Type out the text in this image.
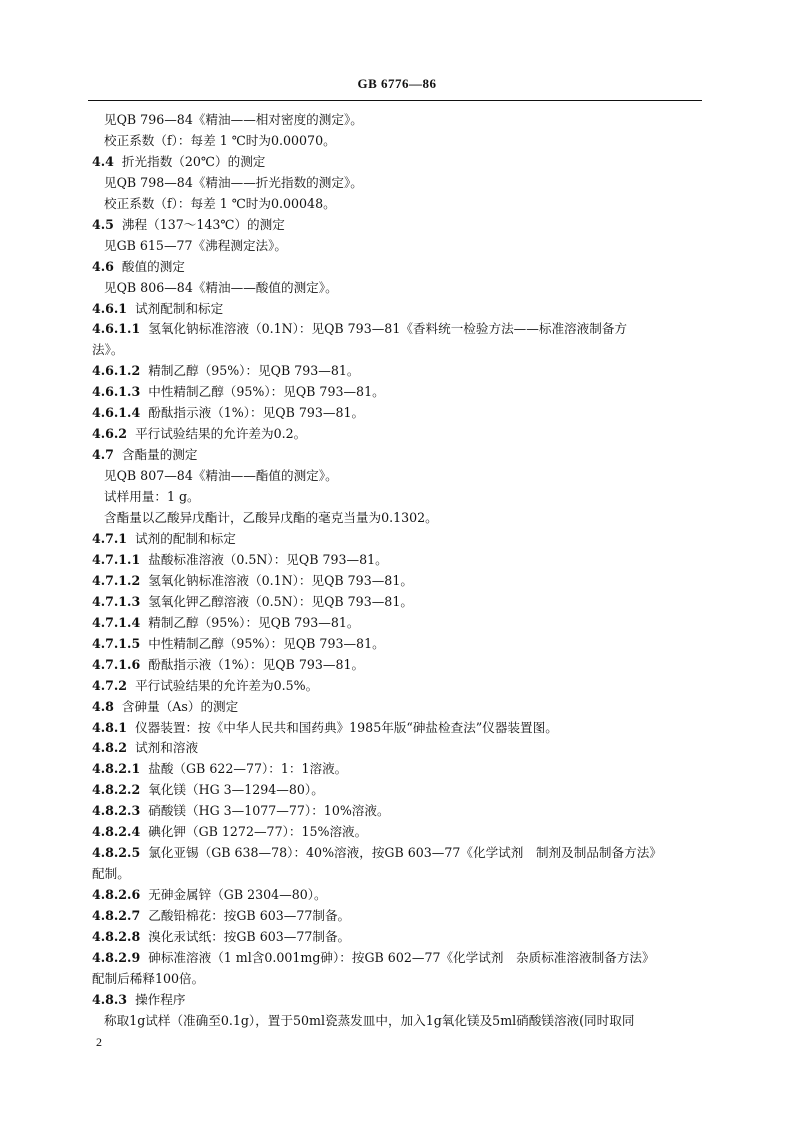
GB 6776—86
见QB 796—84《精油——相对密度的测定》。
校正系数（f）：每差 1 ℃时为0.00070。
4.4 折光指数（20℃）的测定
见QB 798—84《精油——折光指数的测定》。
校正系数（f）：每差 1 ℃时为0.00048。
4.5 沸程（137～143℃）的测定
见GB 615—77《沸程测定法》。
4.6 酸值的测定
见QB 806—84《精油——酸值的测定》。
4.6.1 试剂配制和标定
4.6.1.1 氢氧化钠标准溶液（0.1N）：见QB 793—81《香料统一检验方法——标准溶液制备方
法》。
4.6.1.2 精制乙醇（95%）：见QB 793—81。
4.6.1.3 中性精制乙醇（95%）：见QB 793—81。
4.6.1.4 酚酞指示液（1%）：见QB 793—81。
4.6.2 平行试验结果的允许差为0.2。
4.7 含酯量的测定
见QB 807—84《精油——酯值的测定》。
试样用量：1 g。
含酯量以乙酸异戊酯计，乙酸异戊酯的毫克当量为0.1302。
4.7.1 试剂的配制和标定
4.7.1.1 盐酸标准溶液（0.5N）：见QB 793—81。
4.7.1.2 氢氧化钠标准溶液（0.1N）：见QB 793—81。
4.7.1.3 氢氧化钾乙醇溶液（0.5N）：见QB 793—81。
4.7.1.4 精制乙醇（95%）：见QB 793—81。
4.7.1.5 中性精制乙醇（95%）：见QB 793—81。
4.7.1.6 酚酞指示液（1%）：见QB 793—81。
4.7.2 平行试验结果的允许差为0.5%。
4.8 含砷量（As）的测定
4.8.1 仪器装置：按《中华人民共和国药典》1985年版“砷盐检查法”仪器装置图。
4.8.2 试剂和溶液
4.8.2.1 盐酸（GB 622—77）：1：1溶液。
4.8.2.2 氧化镁（HG 3—1294—80）。
4.8.2.3 硝酸镁（HG 3—1077—77）：10%溶液。
4.8.2.4 碘化钾（GB 1272—77）：15%溶液。
4.8.2.5 氯化亚锡（GB 638—78）：40%溶液，按GB 603—77《化学试剂　制剂及制品制备方法》
配制。
4.8.2.6 无砷金属锌（GB 2304—80）。
4.8.2.7 乙酸铅棉花：按GB 603—77制备。
4.8.2.8 溴化汞试纸：按GB 603—77制备。
4.8.2.9 砷标准溶液（1 ml含0.001mg砷）：按GB 602—77《化学试剂　杂质标准溶液制备方法》
配制后稀释100倍。
4.8.3 操作程序
称取1g试样（准确至0.1g），置于50ml瓷蒸发皿中，加入1g氧化镁及5ml硝酸镁溶液(同时取同
2
